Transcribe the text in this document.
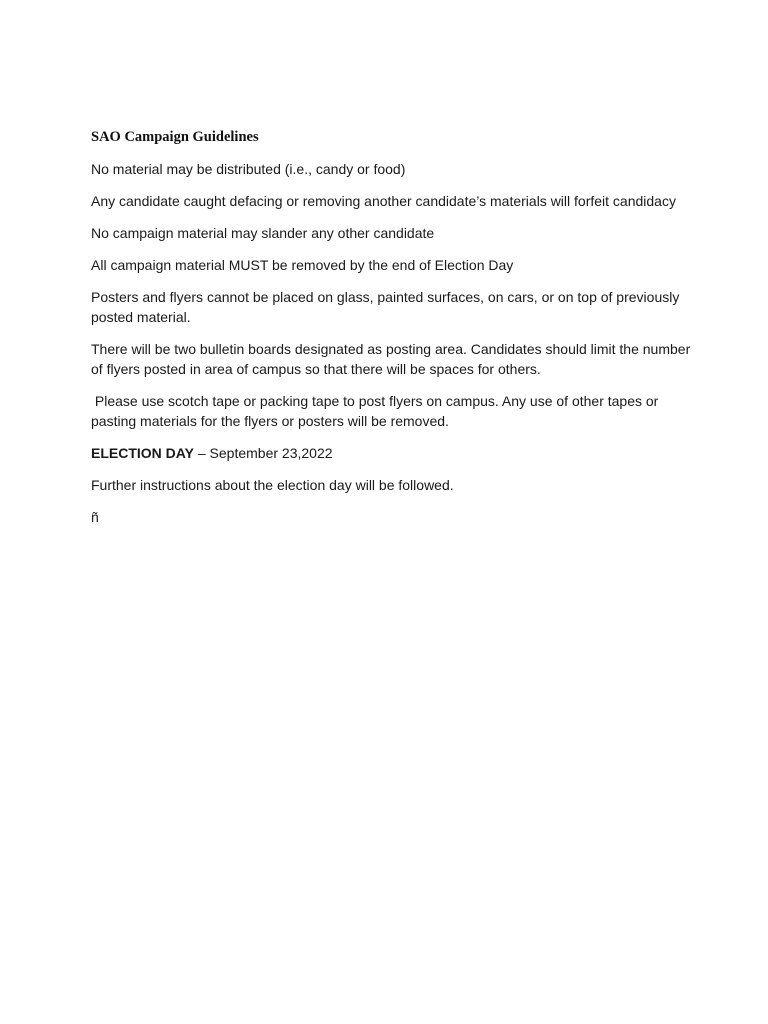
SAO Campaign Guidelines

No material may be distributed (i.e., candy or food)

Any candidate caught defacing or removing another candidate’s materials will forfeit candidacy

No campaign material may slander any other candidate

All campaign material MUST be removed by the end of Election Day

Posters and flyers cannot be placed on glass, painted surfaces, on cars, or on top of previously posted material.

There will be two bulletin boards designated as posting area. Candidates should limit the number of flyers posted in area of campus so that there will be spaces for others.

Please use scotch tape or packing tape to post flyers on campus. Any use of other tapes or pasting materials for the flyers or posters will be removed.

ELECTION DAY – September 23,2022

Further instructions about the election day will be followed.

ñ
